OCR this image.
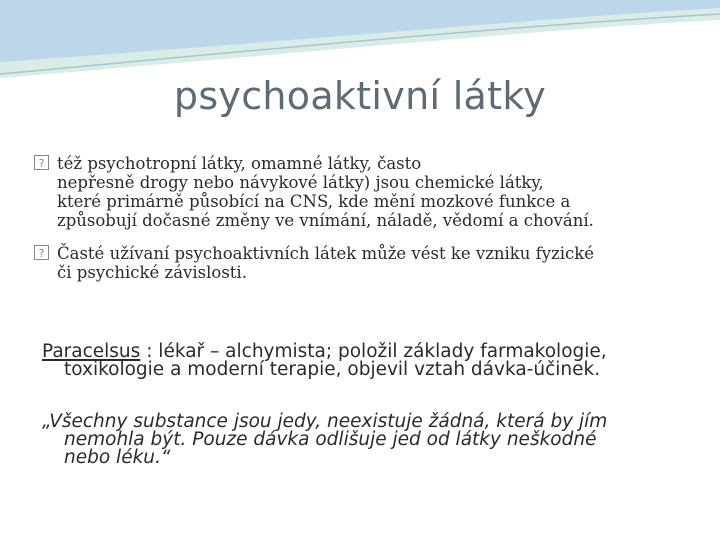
psychoaktivní látky
?
též psychotropní látky, omamné látky, často
nepřesně drogy nebo návykové látky) jsou chemické látky,
které primárně působící na CNS, kde mění mozkové funkce a
způsobují dočasné změny ve vnímání, náladě, vědomí a chování.
?
Časté užívaní psychoaktivních látek může vést ke vzniku fyzické
či psychické závislosti.
Paracelsus : lékař – alchymista; položil základy farmakologie,
toxikologie a moderní terapie, objevil vztah dávka-účinek.
„Všechny substance jsou jedy, neexistuje žádná, která by jím
nemohla být. Pouze dávka odlišuje jed od látky neškodné
nebo léku.“
